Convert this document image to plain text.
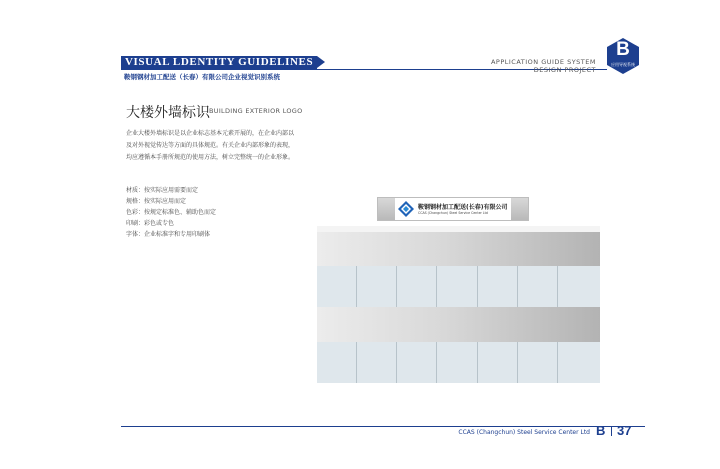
VISUAL LDENTITY GUIDELINES
鞍钢钢材加工配送（长春）有限公司企业视觉识别系统
APPLICATION GUIDE SYSTEM
DESIGN PROJECT
B
应用导视系统
大楼外墙标识 BUILDING EXTERIOR LOGO
企业大楼外墙标识是以企业标志基本元素开展的，在企业内部以及对外视觉传达等方面的具体规范。有关企业内部形象的表现，均应遵循本手册所规范的使用方法，树立完整统一的企业形象。
材质：按实际应用需要而定
规格：按实际应用而定
色彩：按规定标准色、辅助色而定
印刷：彩色或专色
字体：企业标准字和专用印刷体
鞍钢钢材加工配送(长春)有限公司
CCAS (Changchun) Steel Service Center Ltd
CCAS (Changchun) Steel Service Center Ltd B 37
